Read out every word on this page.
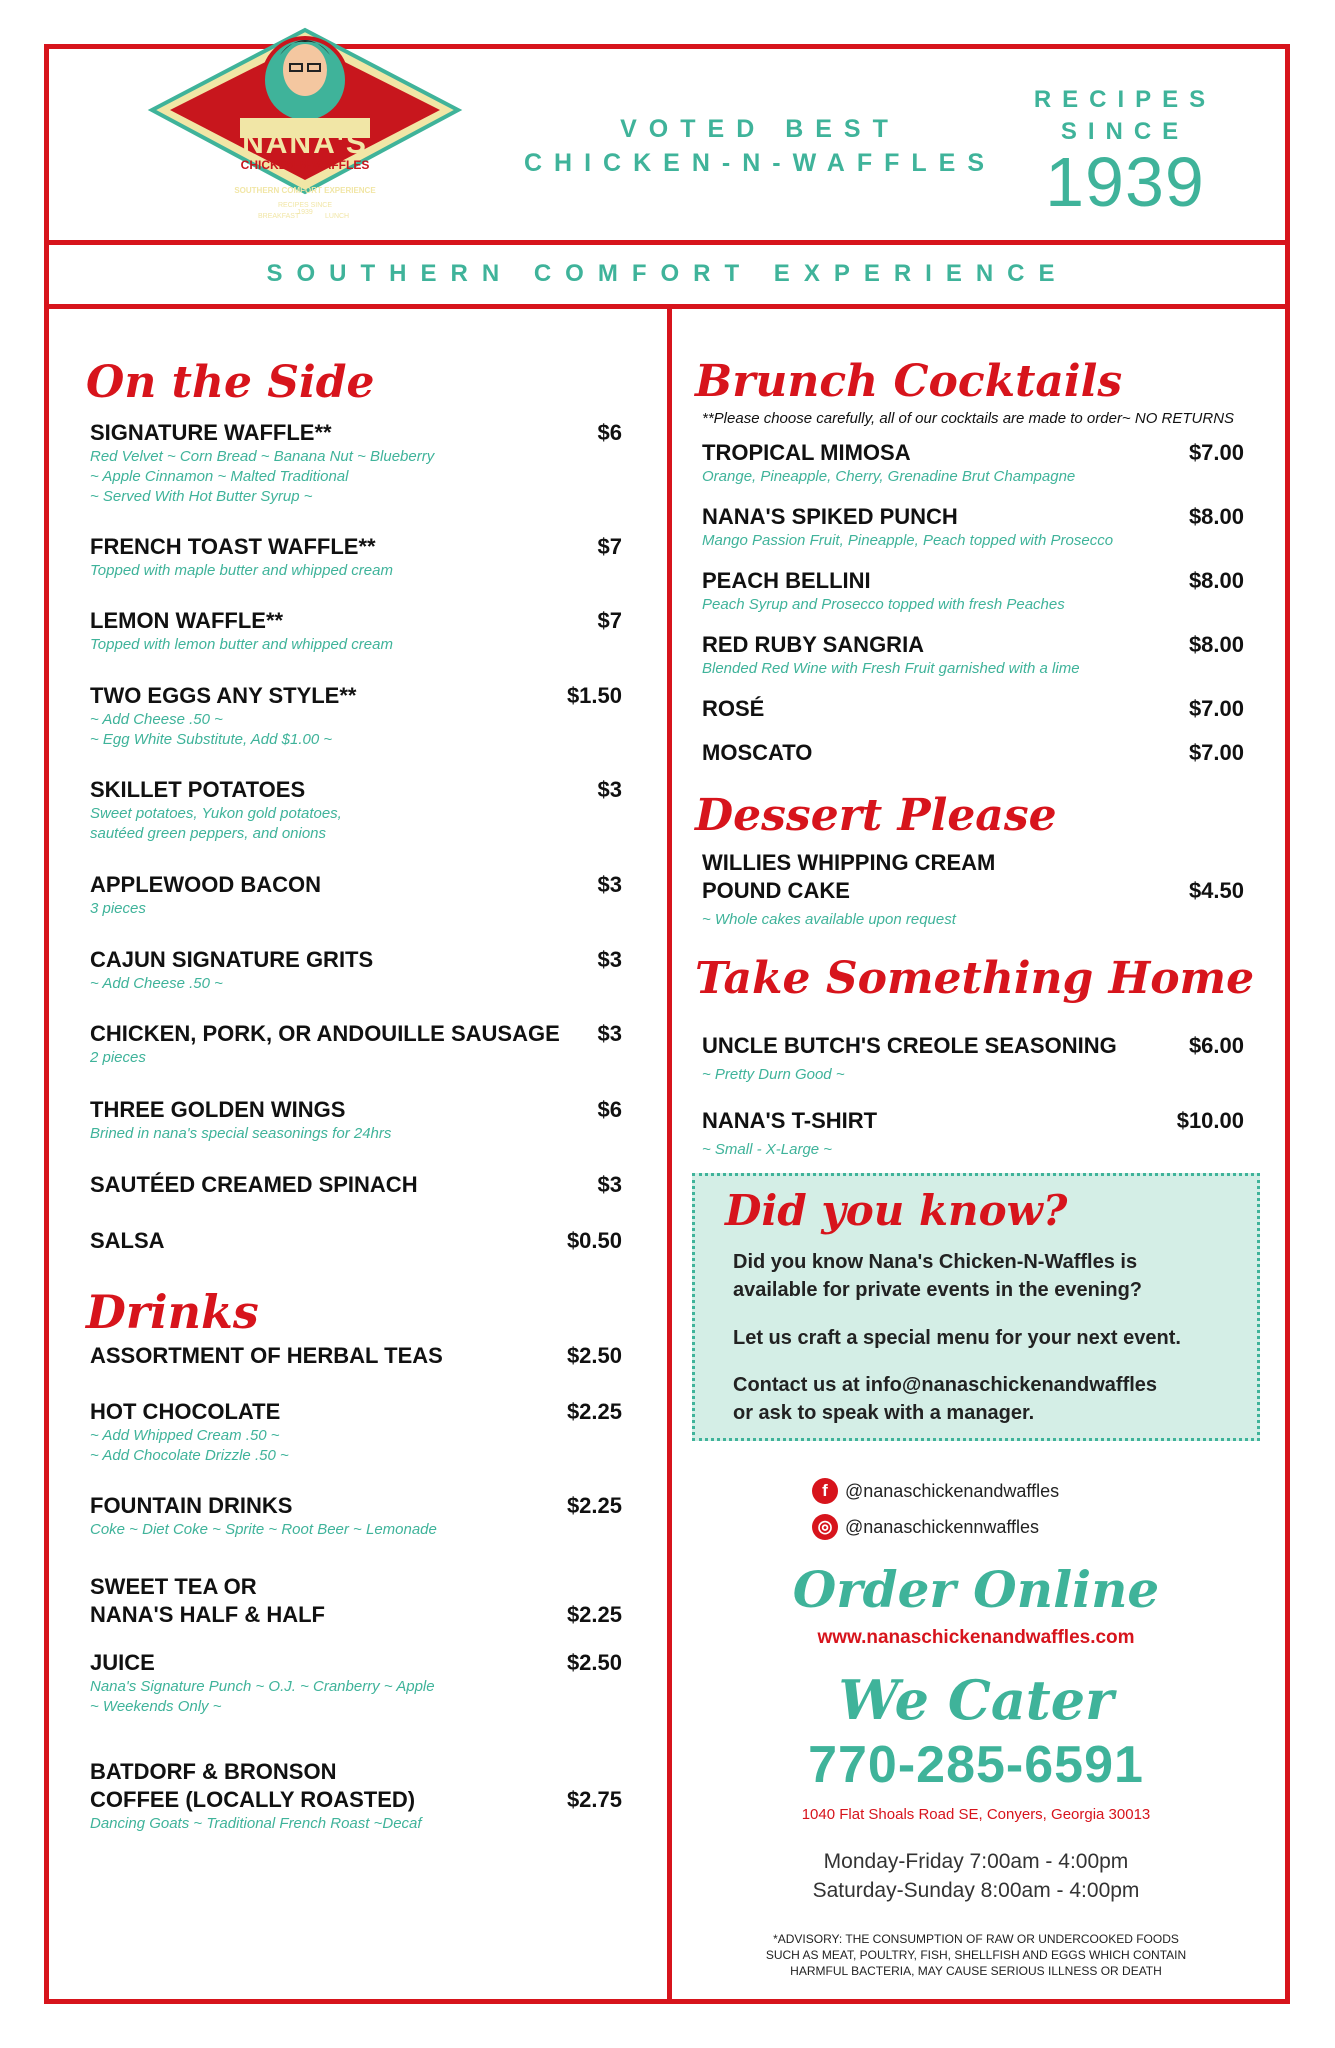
NANA'S
CHICKEN-N-WAFFLES
SOUTHERN COMFORT EXPERIENCE
RECIPES SINCE 1939
BREAKFAST	LUNCH
VOTED BEST
CHICKEN-N-WAFFLES
RECIPES
SINCE
1939
SOUTHERN COMFORT EXPERIENCE
On the Side
SIGNATURE WAFFLE**	$6
Red Velvet ~ Corn Bread ~ Banana Nut ~ Blueberry
~ Apple Cinnamon ~ Malted Traditional
~ Served With Hot Butter Syrup ~
FRENCH TOAST WAFFLE**	$7
Topped with maple butter and whipped cream
LEMON WAFFLE**	$7
Topped with lemon butter and whipped cream
TWO EGGS ANY STYLE**	$1.50
~ Add Cheese .50 ~
~ Egg White Substitute, Add $1.00 ~
SKILLET POTATOES	$3
Sweet potatoes, Yukon gold potatoes,
sautéed green peppers, and onions
APPLEWOOD BACON	$3
3 pieces
CAJUN SIGNATURE GRITS	$3
~ Add Cheese .50 ~
CHICKEN, PORK, OR ANDOUILLE SAUSAGE	$3
2 pieces
THREE GOLDEN WINGS	$6
Brined in nana's special seasonings for 24hrs
SAUTÉED CREAMED SPINACH	$3
SALSA	$0.50
Drinks
ASSORTMENT OF HERBAL TEAS	$2.50
HOT CHOCOLATE	$2.25
~ Add Whipped Cream .50 ~
~ Add Chocolate Drizzle .50 ~
FOUNTAIN DRINKS	$2.25
Coke ~ Diet Coke ~ Sprite ~ Root Beer ~ Lemonade
SWEET TEA OR
NANA'S HALF & HALF	$2.25
JUICE	$2.50
Nana's Signature Punch ~ O.J. ~ Cranberry ~ Apple
~ Weekends Only ~
BATDORF & BRONSON
COFFEE (LOCALLY ROASTED)	$2.75
Dancing Goats ~ Traditional French Roast ~Decaf
Brunch Cocktails
**Please choose carefully, all of our cocktails are made to order~ NO RETURNS
TROPICAL MIMOSA	$7.00
Orange, Pineapple, Cherry, Grenadine Brut Champagne
NANA'S SPIKED PUNCH	$8.00
Mango Passion Fruit, Pineapple, Peach topped with Prosecco
PEACH BELLINI	$8.00
Peach Syrup and Prosecco topped with fresh Peaches
RED RUBY SANGRIA	$8.00
Blended Red Wine with Fresh Fruit garnished with a lime
ROSÉ	$7.00
MOSCATO	$7.00
Dessert Please
WILLIES WHIPPING CREAM
POUND CAKE	$4.50
~ Whole cakes available upon request
Take Something Home
UNCLE BUTCH'S CREOLE SEASONING	$6.00
~ Pretty Durn Good ~
NANA'S T-SHIRT	$10.00
~ Small - X-Large ~
Did you know?

Did you know Nana's Chicken-N-Waffles is

available for private events in the evening?

Let us craft a special menu for your next event.

Contact us at info@nanaschickenandwaffles

or ask to speak with a manager.

f @nanaschickenandwaffles
◎ @nanaschickennwaffles
Order Online
www.nanaschickenandwaffles.com
We Cater
770-285-6591
1040 Flat Shoals Road SE, Conyers, Georgia 30013
Monday-Friday 7:00am - 4:00pm
Saturday-Sunday 8:00am - 4:00pm
*ADVISORY: THE CONSUMPTION OF RAW OR UNDERCOOKED FOODS
SUCH AS MEAT, POULTRY, FISH, SHELLFISH AND EGGS WHICH CONTAIN
HARMFUL BACTERIA, MAY CAUSE SERIOUS ILLNESS OR DEATH
